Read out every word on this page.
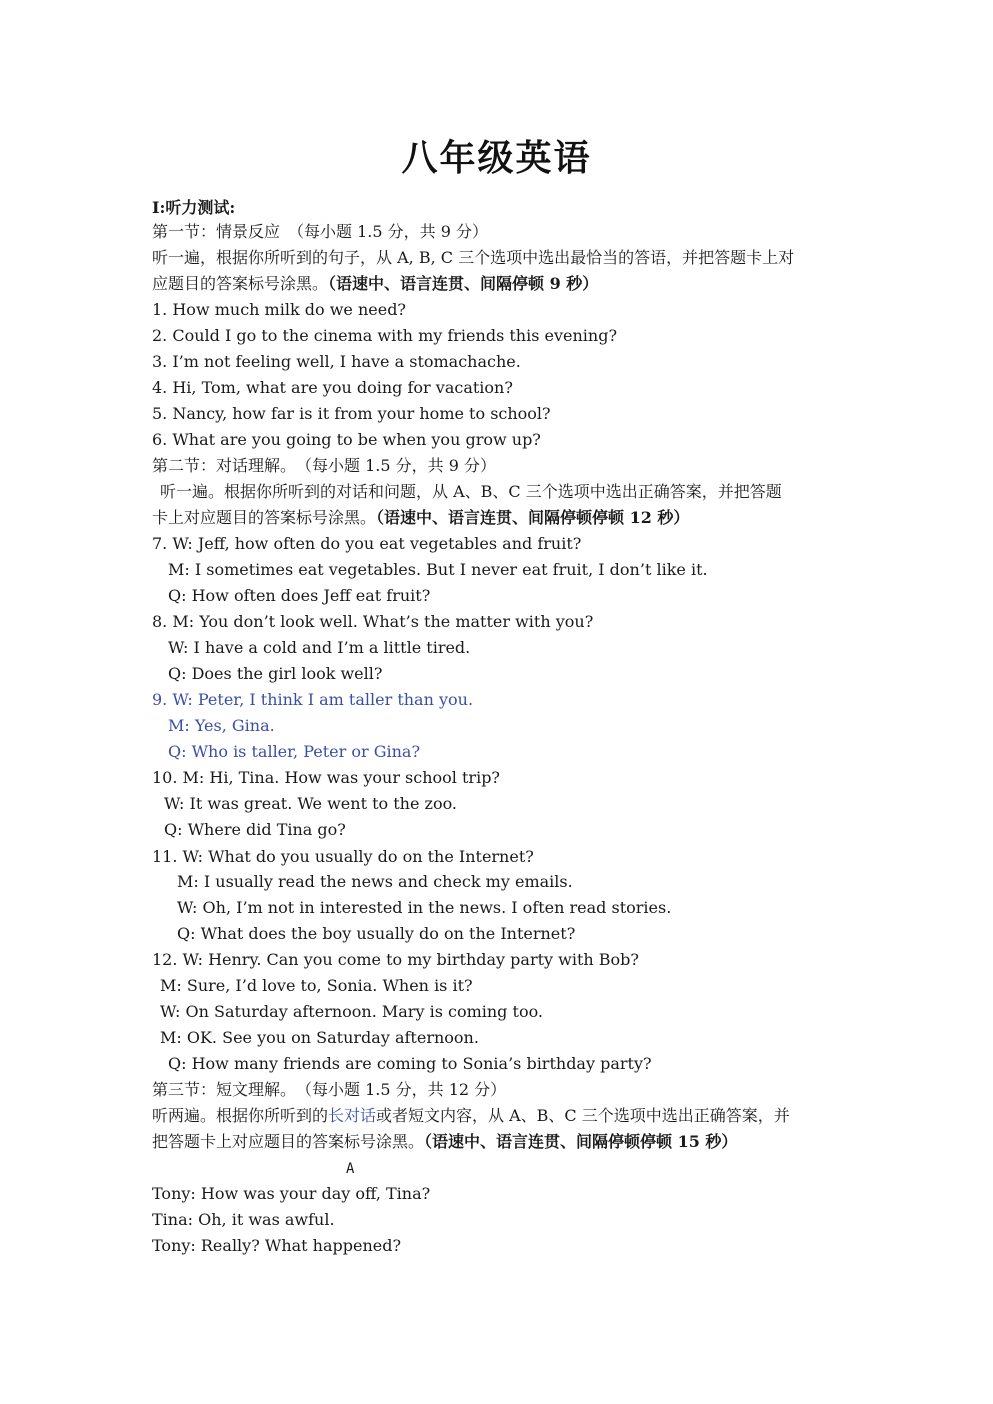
八年级英语
I:听力测试:
第一节：情景反应　（每小题 1.5 分，共 9 分）
听一遍，根据你所听到的句子，从 A, B, C 三个选项中选出最恰当的答语，并把答题卡上对
应题目的答案标号涂黑。（语速中、语言连贯、间隔停顿 9 秒）
1. How much milk do we need?
2. Could I go to the cinema with my friends this evening?
3. I’m not feeling well, I have a stomachache.
4. Hi, Tom, what are you doing for vacation?
5. Nancy, how far is it from your home to school?
6. What are you going to be when you grow up?
第二节：对话理解。　（每小题 1.5 分，共 9 分）
听一遍。根据你所听到的对话和问题，从 A、B、C 三个选项中选出正确答案，并把答题
卡上对应题目的答案标号涂黑。（语速中、语言连贯、间隔停顿停顿 12 秒）
7. W: Jeff, how often do you eat vegetables and fruit?
M: I sometimes eat vegetables. But I never eat fruit, I don’t like it.
Q: How often does Jeff eat fruit?
8. M: You don’t look well. What’s the matter with you?
W: I have a cold and I’m a little tired.
Q: Does the girl look well?
9. W: Peter, I think I am taller than you.
M: Yes, Gina.
Q: Who is taller, Peter or Gina?
10. M: Hi, Tina. How was your school trip?
W: It was great. We went to the zoo.
Q: Where did Tina go?
11. W: What do you usually do on the Internet?
M: I usually read the news and check my emails.
W: Oh, I’m not in interested in the news. I often read stories.
Q: What does the boy usually do on the Internet?
12. W: Henry. Can you come to my birthday party with Bob?
M: Sure, I’d love to, Sonia. When is it?
W: On Saturday afternoon. Mary is coming too.
M: OK. See you on Saturday afternoon.
Q: How many friends are coming to Sonia’s birthday party?
第三节：短文理解。　（每小题 1.5 分，共 12 分）
听两遍。根据你所听到的长对话或者短文内容，从 A、B、C 三个选项中选出正确答案，并
把答题卡上对应题目的答案标号涂黑。（语速中、语言连贯、间隔停顿停顿 15 秒）
A
Tony: How was your day off, Tina?
Tina: Oh, it was awful.
Tony: Really? What happened?
